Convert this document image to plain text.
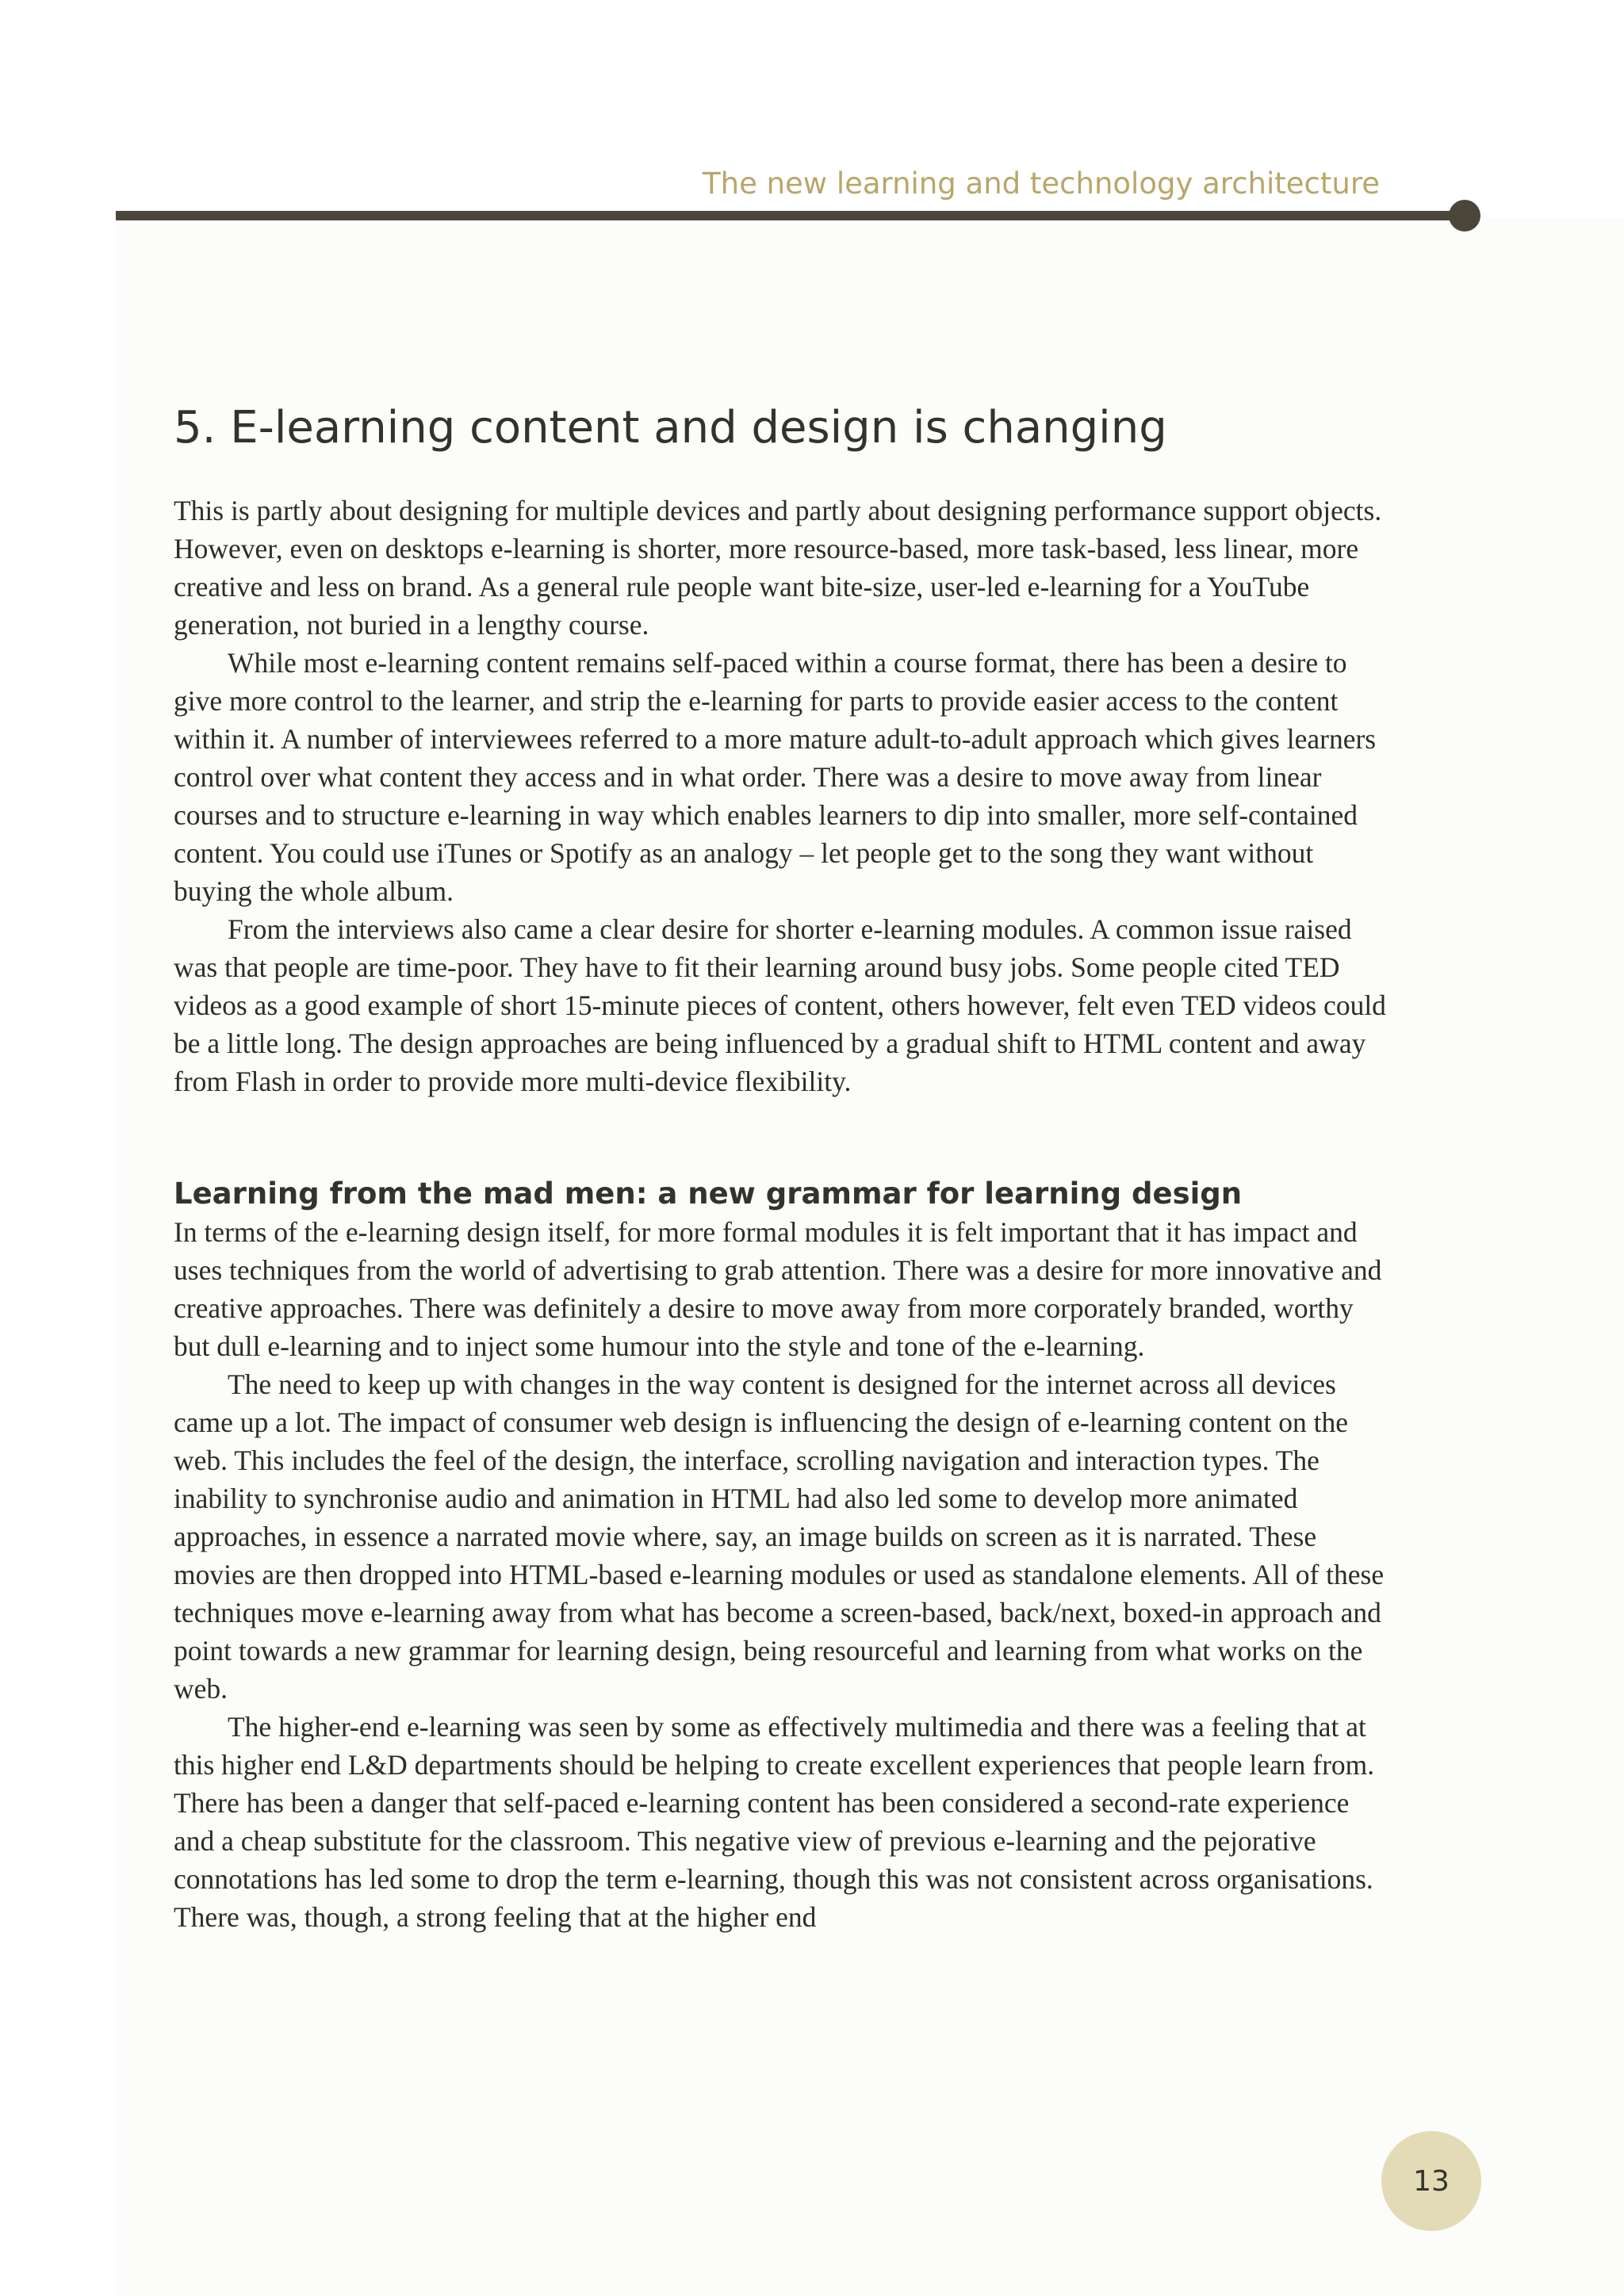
The new learning and technology architecture
5. E-learning content and design is changing

This is partly about designing for multiple devices and partly about designing performance support objects. However, even on desktops e-learning is shorter, more resource-based, more task-based, less linear, more creative and less on brand. As a general rule people want bite-size, user-led e-learning for a YouTube generation, not buried in a lengthy course.

While most e-learning content remains self-paced within a course format, there has been a desire to give more control to the learner, and strip the e-learning for parts to provide easier access to the content within it. A number of interviewees referred to a more mature adult-to-adult approach which gives learners control over what content they access and in what order. There was a desire to move away from linear courses and to structure e-learning in way which enables learners to dip into smaller, more self-contained content. You could use iTunes or Spotify as an analogy – let people get to the song they want without buying the whole album.

From the interviews also came a clear desire for shorter e-learning modules. A common issue raised was that people are time-poor. They have to fit their learning around busy jobs. Some people cited TED videos as a good example of short 15-minute pieces of content, others however, felt even TED videos could be a little long. The design approaches are being influenced by a gradual shift to HTML content and away from Flash in order to provide more multi-device flexibility.

Learning from the mad men: a new grammar for learning design

In terms of the e-learning design itself, for more formal modules it is felt important that it has impact and uses techniques from the world of advertising to grab attention. There was a desire for more innovative and creative approaches. There was definitely a desire to move away from more corporately branded, worthy but dull e-learning and to inject some humour into the style and tone of the e-learning.

The need to keep up with changes in the way content is designed for the internet across all devices came up a lot. The impact of consumer web design is influencing the design of e-learning content on the web. This includes the feel of the design, the interface, scrolling navigation and interaction types. The inability to synchronise audio and animation in HTML had also led some to develop more animated approaches, in essence a narrated movie where, say, an image builds on screen as it is narrated. These movies are then dropped into HTML-based e-learning modules or used as standalone elements. All of these techniques move e-learning away from what has become a screen-based, back/next, boxed-in approach and point towards a new grammar for learning design, being resourceful and learning from what works on the web.

The higher-end e-learning was seen by some as effectively multimedia and there was a feeling that at this higher end L&D departments should be helping to create excellent experiences that people learn from. There has been a danger that self-paced e-learning content has been considered a second-rate experience and a cheap substitute for the classroom. This negative view of previous e-learning and the pejorative connotations has led some to drop the term e-learning, though this was not consistent across organisations. There was, though, a strong feeling that at the higher end

13
